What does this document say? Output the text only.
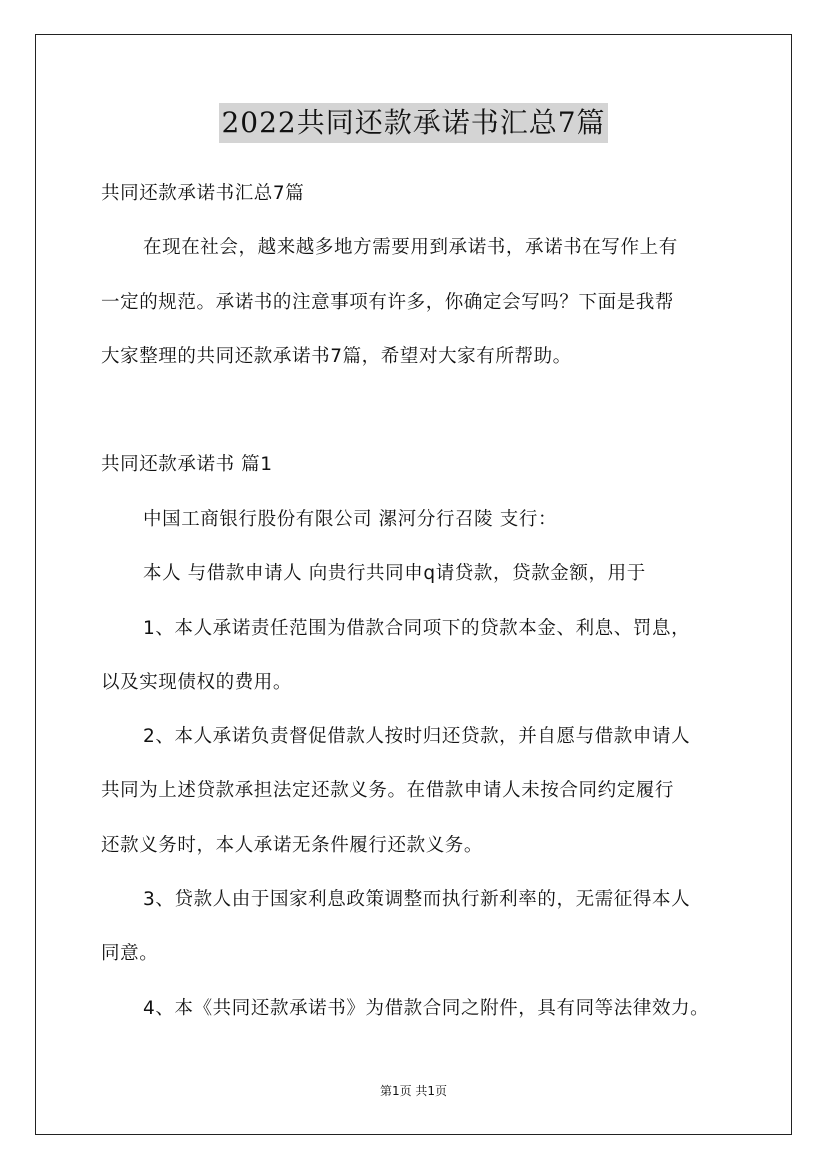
2022共同还款承诺书汇总7篇
共同还款承诺书汇总7篇
在现在社会，越来越多地方需要用到承诺书，承诺书在写作上有
一定的规范。承诺书的注意事项有许多，你确定会写吗？下面是我帮
大家整理的共同还款承诺书7篇，希望对大家有所帮助。
共同还款承诺书 篇1
中国工商银行股份有限公司 漯河分行召陵 支行：
本人 与借款申请人 向贵行共同申q请贷款，贷款金额，用于
1、本人承诺责任范围为借款合同项下的贷款本金、利息、罚息，
以及实现债权的费用。
2、本人承诺负责督促借款人按时归还贷款，并自愿与借款申请人
共同为上述贷款承担法定还款义务。在借款申请人未按合同约定履行
还款义务时，本人承诺无条件履行还款义务。
3、贷款人由于国家利息政策调整而执行新利率的，无需征得本人
同意。
4、本《共同还款承诺书》为借款合同之附件，具有同等法律效力。
第1页 共1页
